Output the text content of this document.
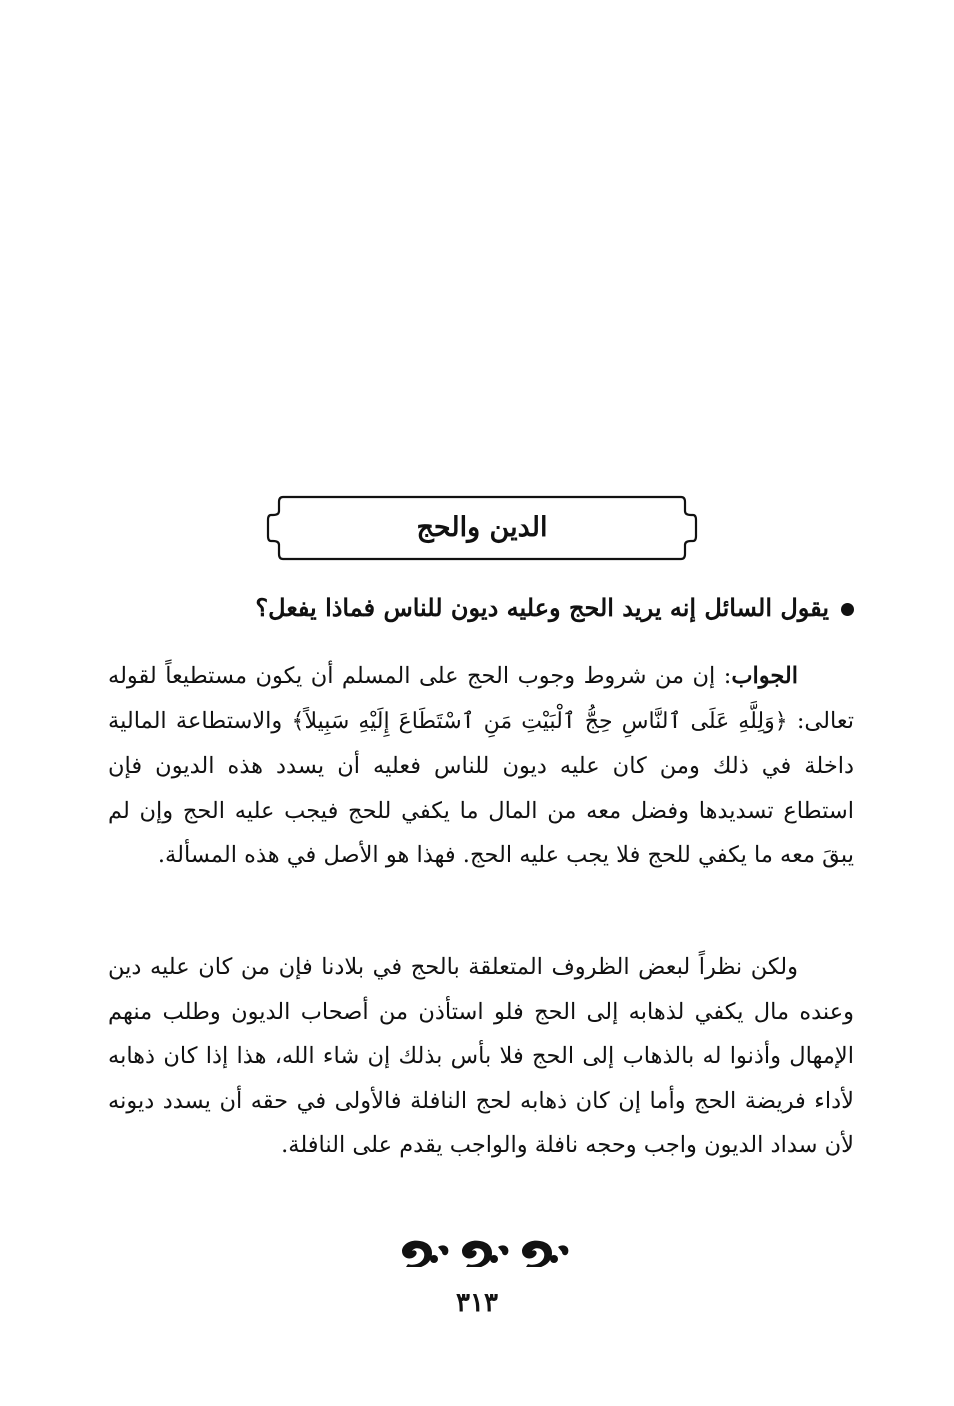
الدين والحج
يقول السائل إنه يريد الحج وعليه ديون للناس فماذا يفعل؟
الجواب: إن من شروط وجوب الحج على المسلم أن يكون مستطيعاً لقوله تعالى: ﴿وَلِلَّهِ عَلَى ٱلنَّاسِ حِجُّ ٱلْبَيْتِ مَنِ ٱسْتَطَاعَ إِلَيْهِ سَبِيلاً﴾ والاستطاعة المالية داخلة في ذلك ومن كان عليه ديون للناس فعليه أن يسدد هذه الديون فإن استطاع تسديدها وفضل معه من المال ما يكفي للحج فيجب عليه الحج وإن لم يبقَ معه ما يكفي للحج فلا يجب عليه الحج. فهذا هو الأصل في هذه المسألة.
ولكن نظراً لبعض الظروف المتعلقة بالحج في بلادنا فإن من كان عليه دين وعنده مال يكفي لذهابه إلى الحج فلو استأذن من أصحاب الديون وطلب منهم الإمهال وأذنوا له بالذهاب إلى الحج فلا بأس بذلك إن شاء الله، هذا إذا كان ذهابه لأداء فريضة الحج وأما إن كان ذهابه لحج النافلة فالأولى في حقه أن يسدد ديونه لأن سداد الديون واجب وحجه نافلة والواجب يقدم على النافلة.
٣١٣
